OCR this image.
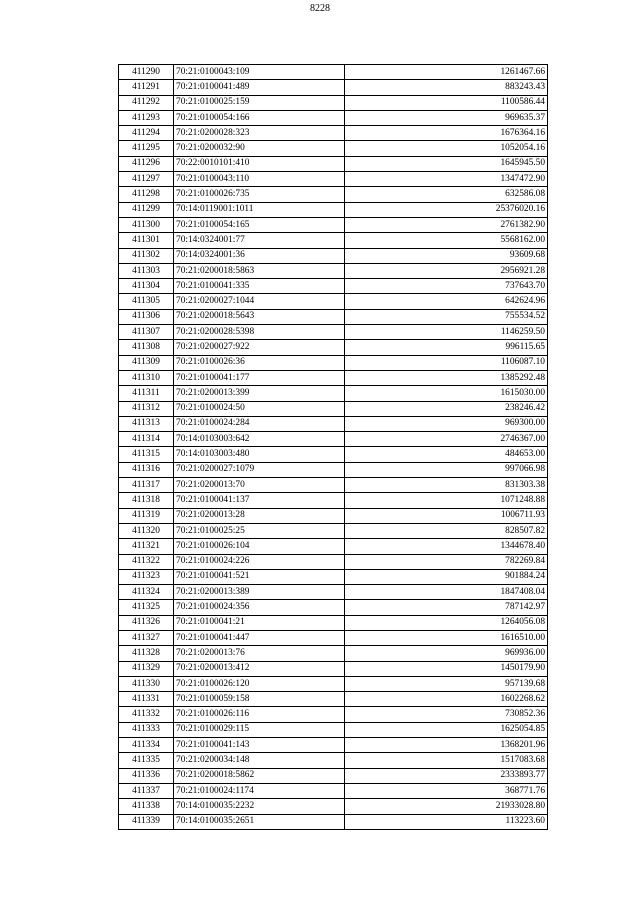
8228
411290	70:21:0100043:109	1261467.66
411291	70:21:0100041:489	883243.43
411292	70:21:0100025:159	1100586.44
411293	70:21:0100054:166	969635.37
411294	70:21:0200028:323	1676364.16
411295	70:21:0200032:90	1052054.16
411296	70:22:0010101:410	1645945.50
411297	70:21:0100043:110	1347472.90
411298	70:21:0100026:735	632586.08
411299	70:14:0119001:1011	25376020.16
411300	70:21:0100054:165	2761382.90
411301	70:14:0324001:77	5568162.00
411302	70:14:0324001:36	93609.68
411303	70:21:0200018:5863	2956921.28
411304	70:21:0100041:335	737643.70
411305	70:21:0200027:1044	642624.96
411306	70:21:0200018:5643	755534.52
411307	70:21:0200028:5398	1146259.50
411308	70:21:0200027:922	996115.65
411309	70:21:0100026:36	1106087.10
411310	70:21:0100041:177	1385292.48
411311	70:21:0200013:399	1615030.00
411312	70:21:0100024:50	238246.42
411313	70:21:0100024:284	969300.00
411314	70:14:0103003:642	2746367.00
411315	70:14:0103003:480	484653.00
411316	70:21:0200027:1079	997066.98
411317	70:21:0200013:70	831303.38
411318	70:21:0100041:137	1071248.88
411319	70:21:0200013:28	1006711.93
411320	70:21:0100025:25	828507.82
411321	70:21:0100026:104	1344678.40
411322	70:21:0100024:226	782269.84
411323	70:21:0100041:521	901884.24
411324	70:21:0200013:389	1847408.04
411325	70:21:0100024:356	787142.97
411326	70:21:0100041:21	1264056.08
411327	70:21:0100041:447	1616510.00
411328	70:21:0200013:76	969936.00
411329	70:21:0200013:412	1450179.90
411330	70:21:0100026:120	957139.68
411331	70:21:0100059:158	1602268.62
411332	70:21:0100026:116	730852.36
411333	70:21:0100029:115	1625054.85
411334	70:21:0100041:143	1368201.96
411335	70:21:0200034:148	1517083.68
411336	70:21:0200018:5862	2333893.77
411337	70:21:0100024:1174	368771.76
411338	70:14:0100035:2232	21933028.80
411339	70:14:0100035:2651	113223.60
